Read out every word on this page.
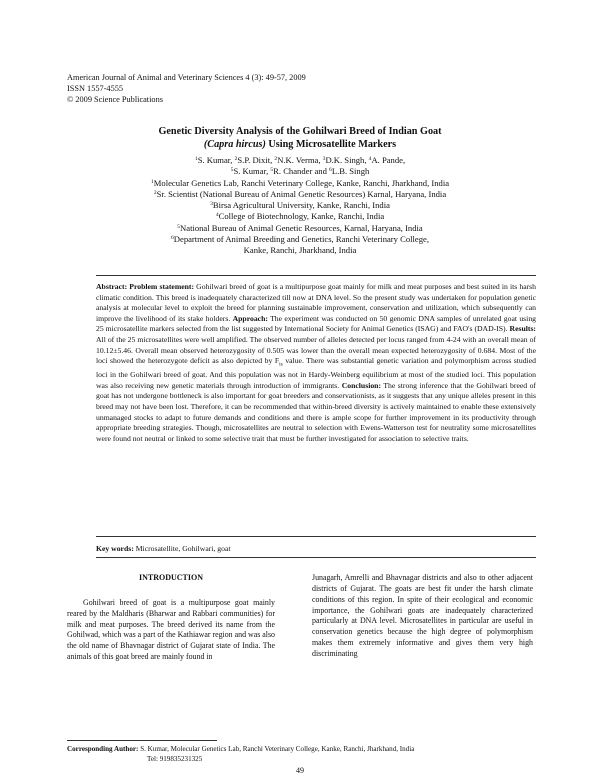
American Journal of Animal and Veterinary Sciences 4 (3): 49-57, 2009
ISSN 1557-4555
© 2009 Science Publications
Genetic Diversity Analysis of the Gohilwari Breed of Indian Goat
(Capra hircus) Using Microsatellite Markers
$^1$S. Kumar, $^2$S.P. Dixit, $^2$N.K. Verma, $^3$D.K. Singh, $^4$A. Pande,
$^5$S. Kumar, $^5$R. Chander and $^6$L.B. Singh
$^1$Molecular Genetics Lab, Ranchi Veterinary College, Kanke, Ranchi, Jharkhand, India
$^2$Sr. Scientist (National Bureau of Animal Genetic Resources) Karnal, Haryana, India
$^3$Birsa Agricultural University, Kanke, Ranchi, India
$^4$College of Biotechnology, Kanke, Ranchi, India
$^5$National Bureau of Animal Genetic Resources, Karnal, Haryana, India
$^6$Department of Animal Breeding and Genetics, Ranchi Veterinary College,
Kanke, Ranchi, Jharkhand, India
Abstract: Problem statement: Gohilwari breed of goat is a multipurpose goat mainly for milk and meat purposes and best suited in its harsh climatic condition. This breed is inadequately characterized till now at DNA level. So the present study was undertaken for population genetic analysis at molecular level to exploit the breed for planning sustainable improvement, conservation and utilization, which subsequently can improve the livelihood of its stake holders. Approach: The experiment was conducted on 50 genomic DNA samples of unrelated goat using 25 microsatellite markers selected from the list suggested by International Society for Animal Genetics (ISAG) and FAO's (DAD-IS). Results: All of the 25 microsatellites were well amplified. The observed number of alleles detected per locus ranged from 4-24 with an overall mean of 10.12±5.46. Overall mean observed heterozygosity of 0.505 was lower than the overall mean expected heterozygosity of 0.684. Most of the loci showed the heterozygote deficit as also depicted by $F_{is}$ value. There was substantial genetic variation and polymorphism across studied loci in the Gohilwari breed of goat. And this population was not in Hardy-Weinberg equilibrium at most of the studied loci. This population was also receiving new genetic materials through introduction of immigrants. Conclusion: The strong inference that the Gohilwari breed of goat has not undergone bottleneck is also important for goat breeders and conservationists, as it suggests that any unique alleles present in this breed may not have been lost. Therefore, it can be recommended that within-breed diversity is actively maintained to enable these extensively unmanaged stocks to adapt to future demands and conditions and there is ample scope for further improvement in its productivity through appropriate breeding strategies. Though, microsatellites are neutral to selection with Ewens-Watterson test for neutrality some microsatellites were found not neutral or linked to some selective trait that must be further investigated for association to selective traits.
Key words: Microsatellite, Gohilwari, goat
INTRODUCTION
Gohilwari breed of goat is a multipurpose goat mainly reared by the Maldharis (Bharwar and Rabbari communities) for milk and meat purposes. The breed derived its name from the Gohilwad, which was a part of the Kathiawar region and was also the old name of Bhavnagar district of Gujarat state of India. The animals of this goat breed are mainly found in
Junagarh, Amrelli and Bhavnagar districts and also to other adjacent districts of Gujarat. The goats are best fit under the harsh climate conditions of this region. In spite of their ecological and economic importance, the Gohilwari goats are inadequately characterized particularly at DNA level. Microsatellites in particular are useful in conservation genetics because the high degree of polymorphism makes them extremely informative and gives them very high discriminating
Corresponding Author: S. Kumar, Molecular Genetics Lab, Ranchi Veterinary College, Kanke, Ranchi, Jharkhand, India
Tel: 919835231325
49
